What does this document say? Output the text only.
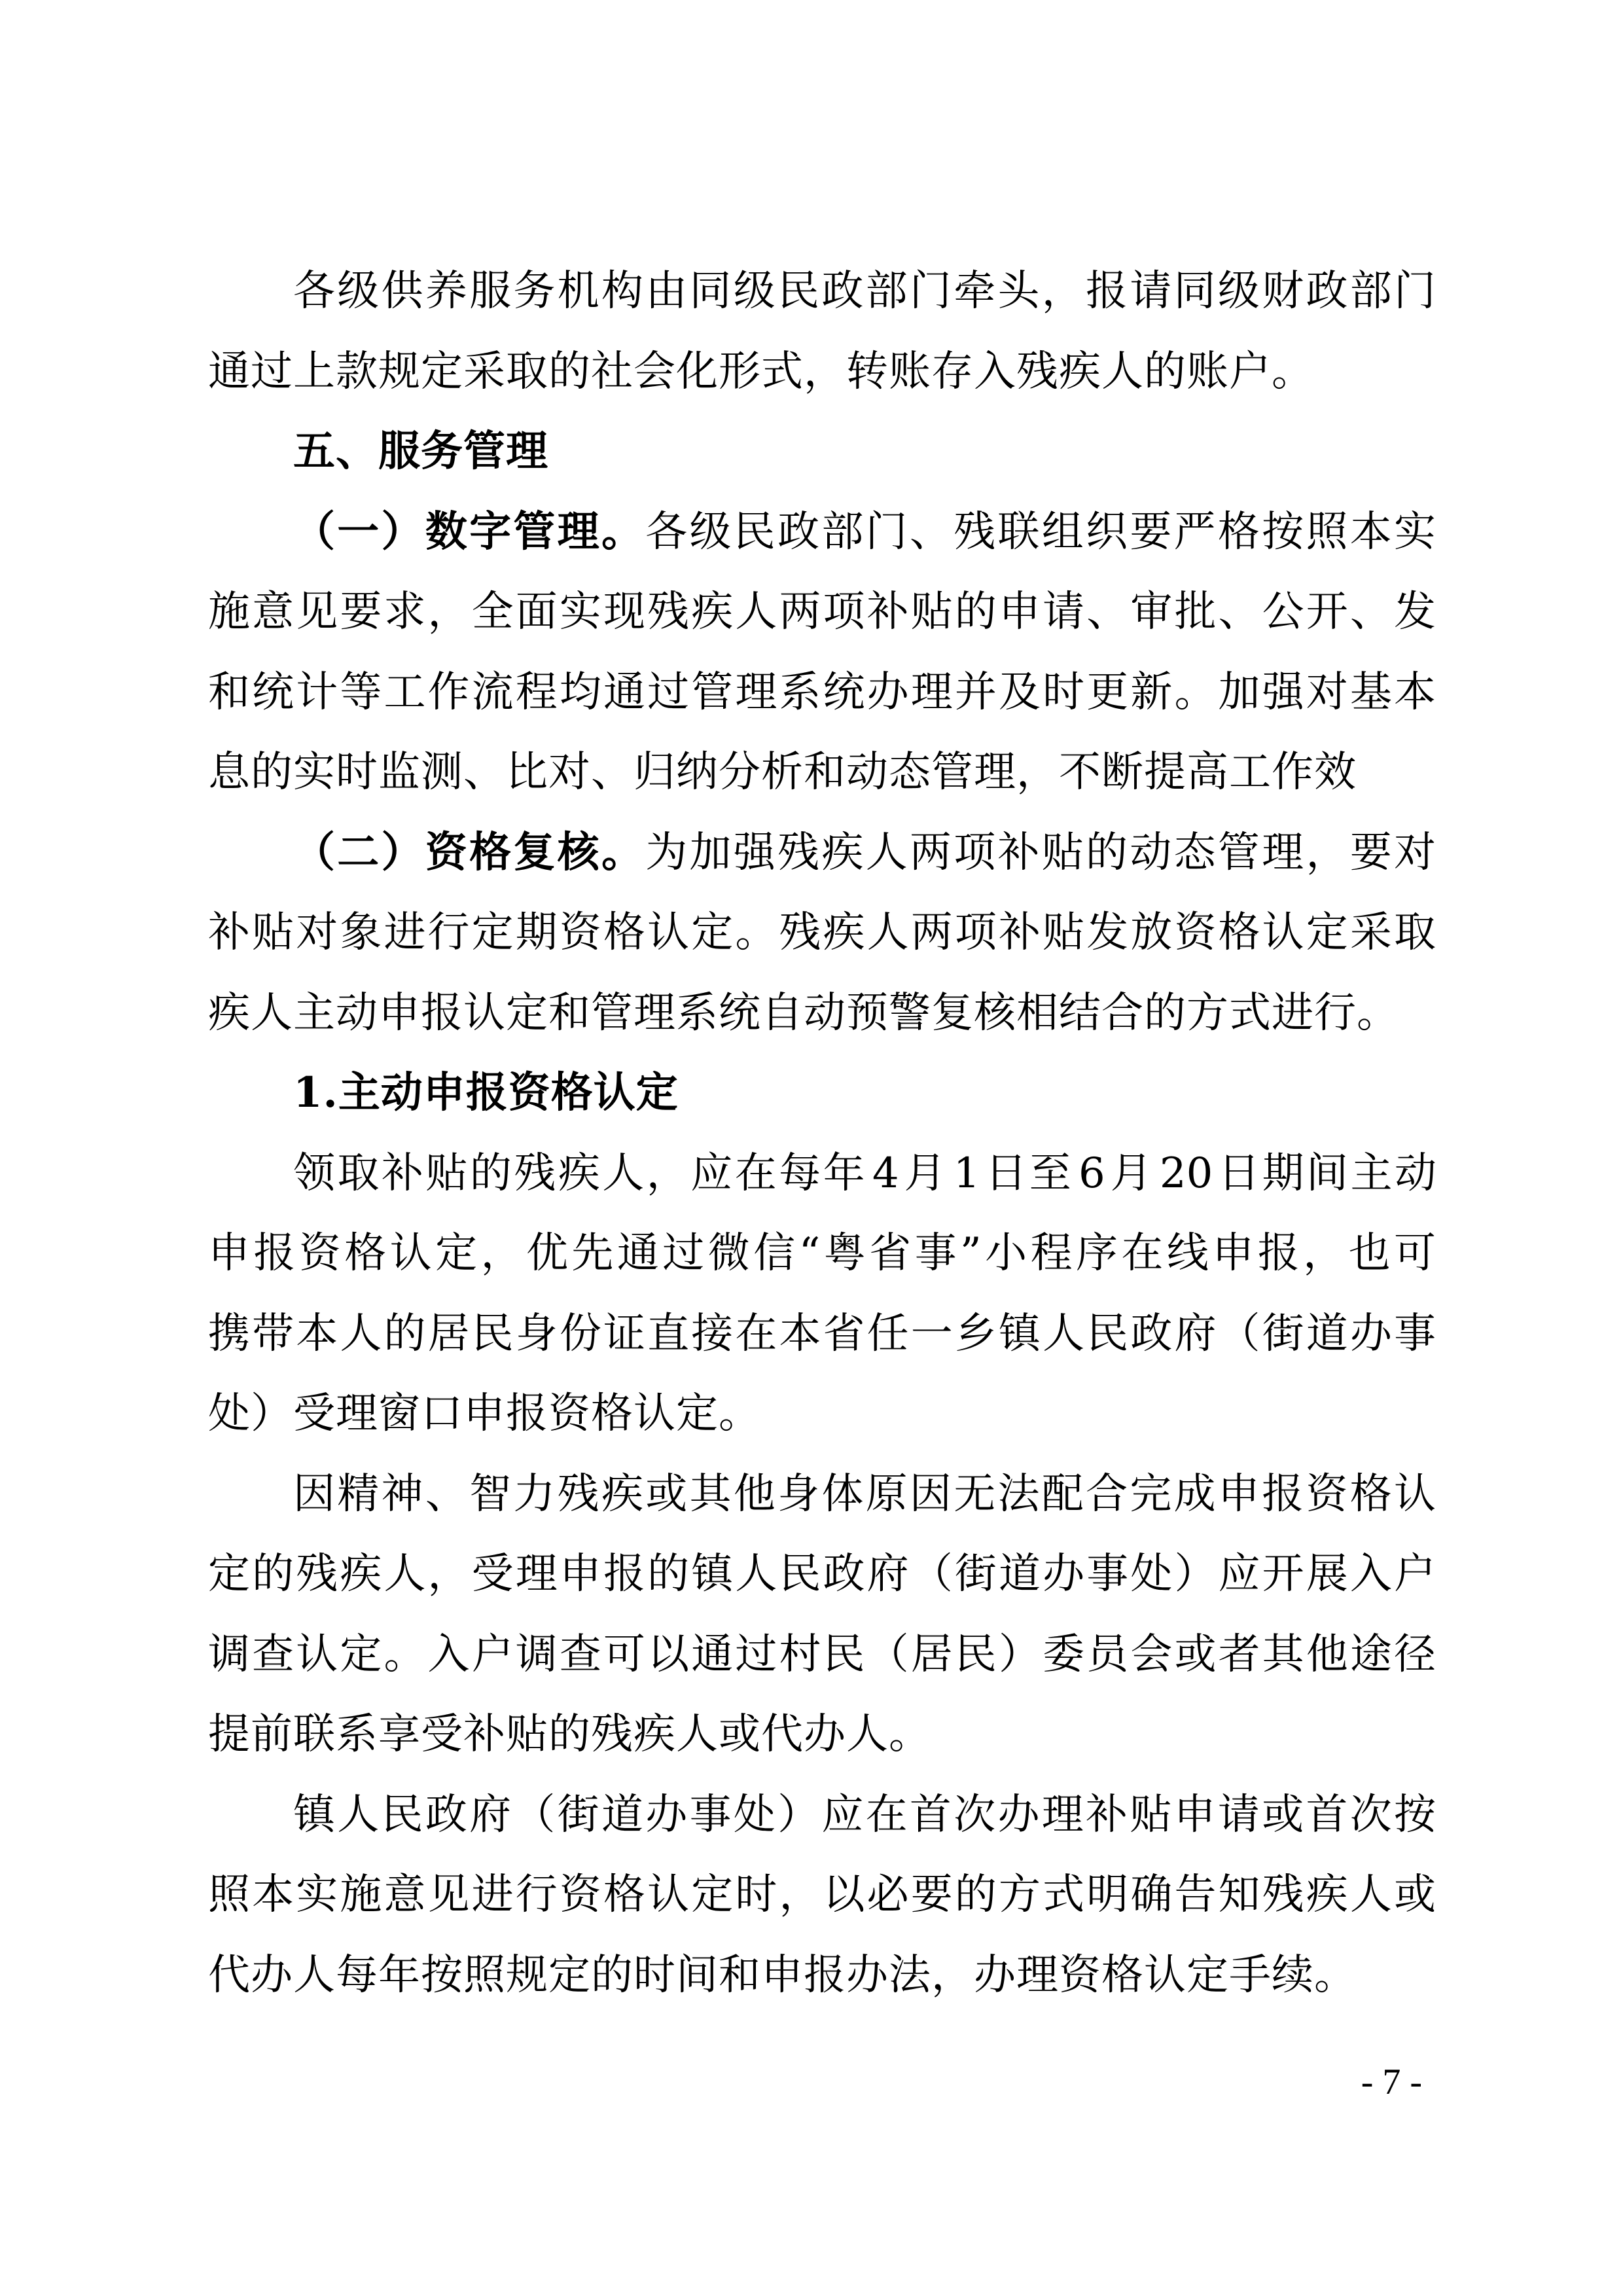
各级供养服务机构由同级民政部门牵头，报请同级财政部门
通过上款规定采取的社会化形式，转账存入残疾人的账户。
五、服务管理
（一）数字管理。各级民政部门、残联组织要严格按照本实
施意见要求，全面实现残疾人两项补贴的申请、审批、公开、发
和统计等工作流程均通过管理系统办理并及时更新。加强对基本
息的实时监测、比对、归纳分析和动态管理，不断提高工作效
（二）资格复核。为加强残疾人两项补贴的动态管理，要对
补贴对象进行定期资格认定。残疾人两项补贴发放资格认定采取
疾人主动申报认定和管理系统自动预警复核相结合的方式进行。
1.主动申报资格认定
领取补贴的残疾人，应在每年 4 月 1 日至 6 月 20 日期间主动
申报资格认定，优先通过微信“粤省事”小程序在线申报，也可
携带本人的居民身份证直接在本省任一乡镇人民政府（街道办事
处）受理窗口申报资格认定。
因精神、智力残疾或其他身体原因无法配合完成申报资格认
定的残疾人，受理申报的镇人民政府（街道办事处）应开展入户
调查认定。入户调查可以通过村民（居民）委员会或者其他途径
提前联系享受补贴的残疾人或代办人。
镇人民政府（街道办事处）应在首次办理补贴申请或首次按
照本实施意见进行资格认定时，以必要的方式明确告知残疾人或
代办人每年按照规定的时间和申报办法，办理资格认定手续。
- 7 -
